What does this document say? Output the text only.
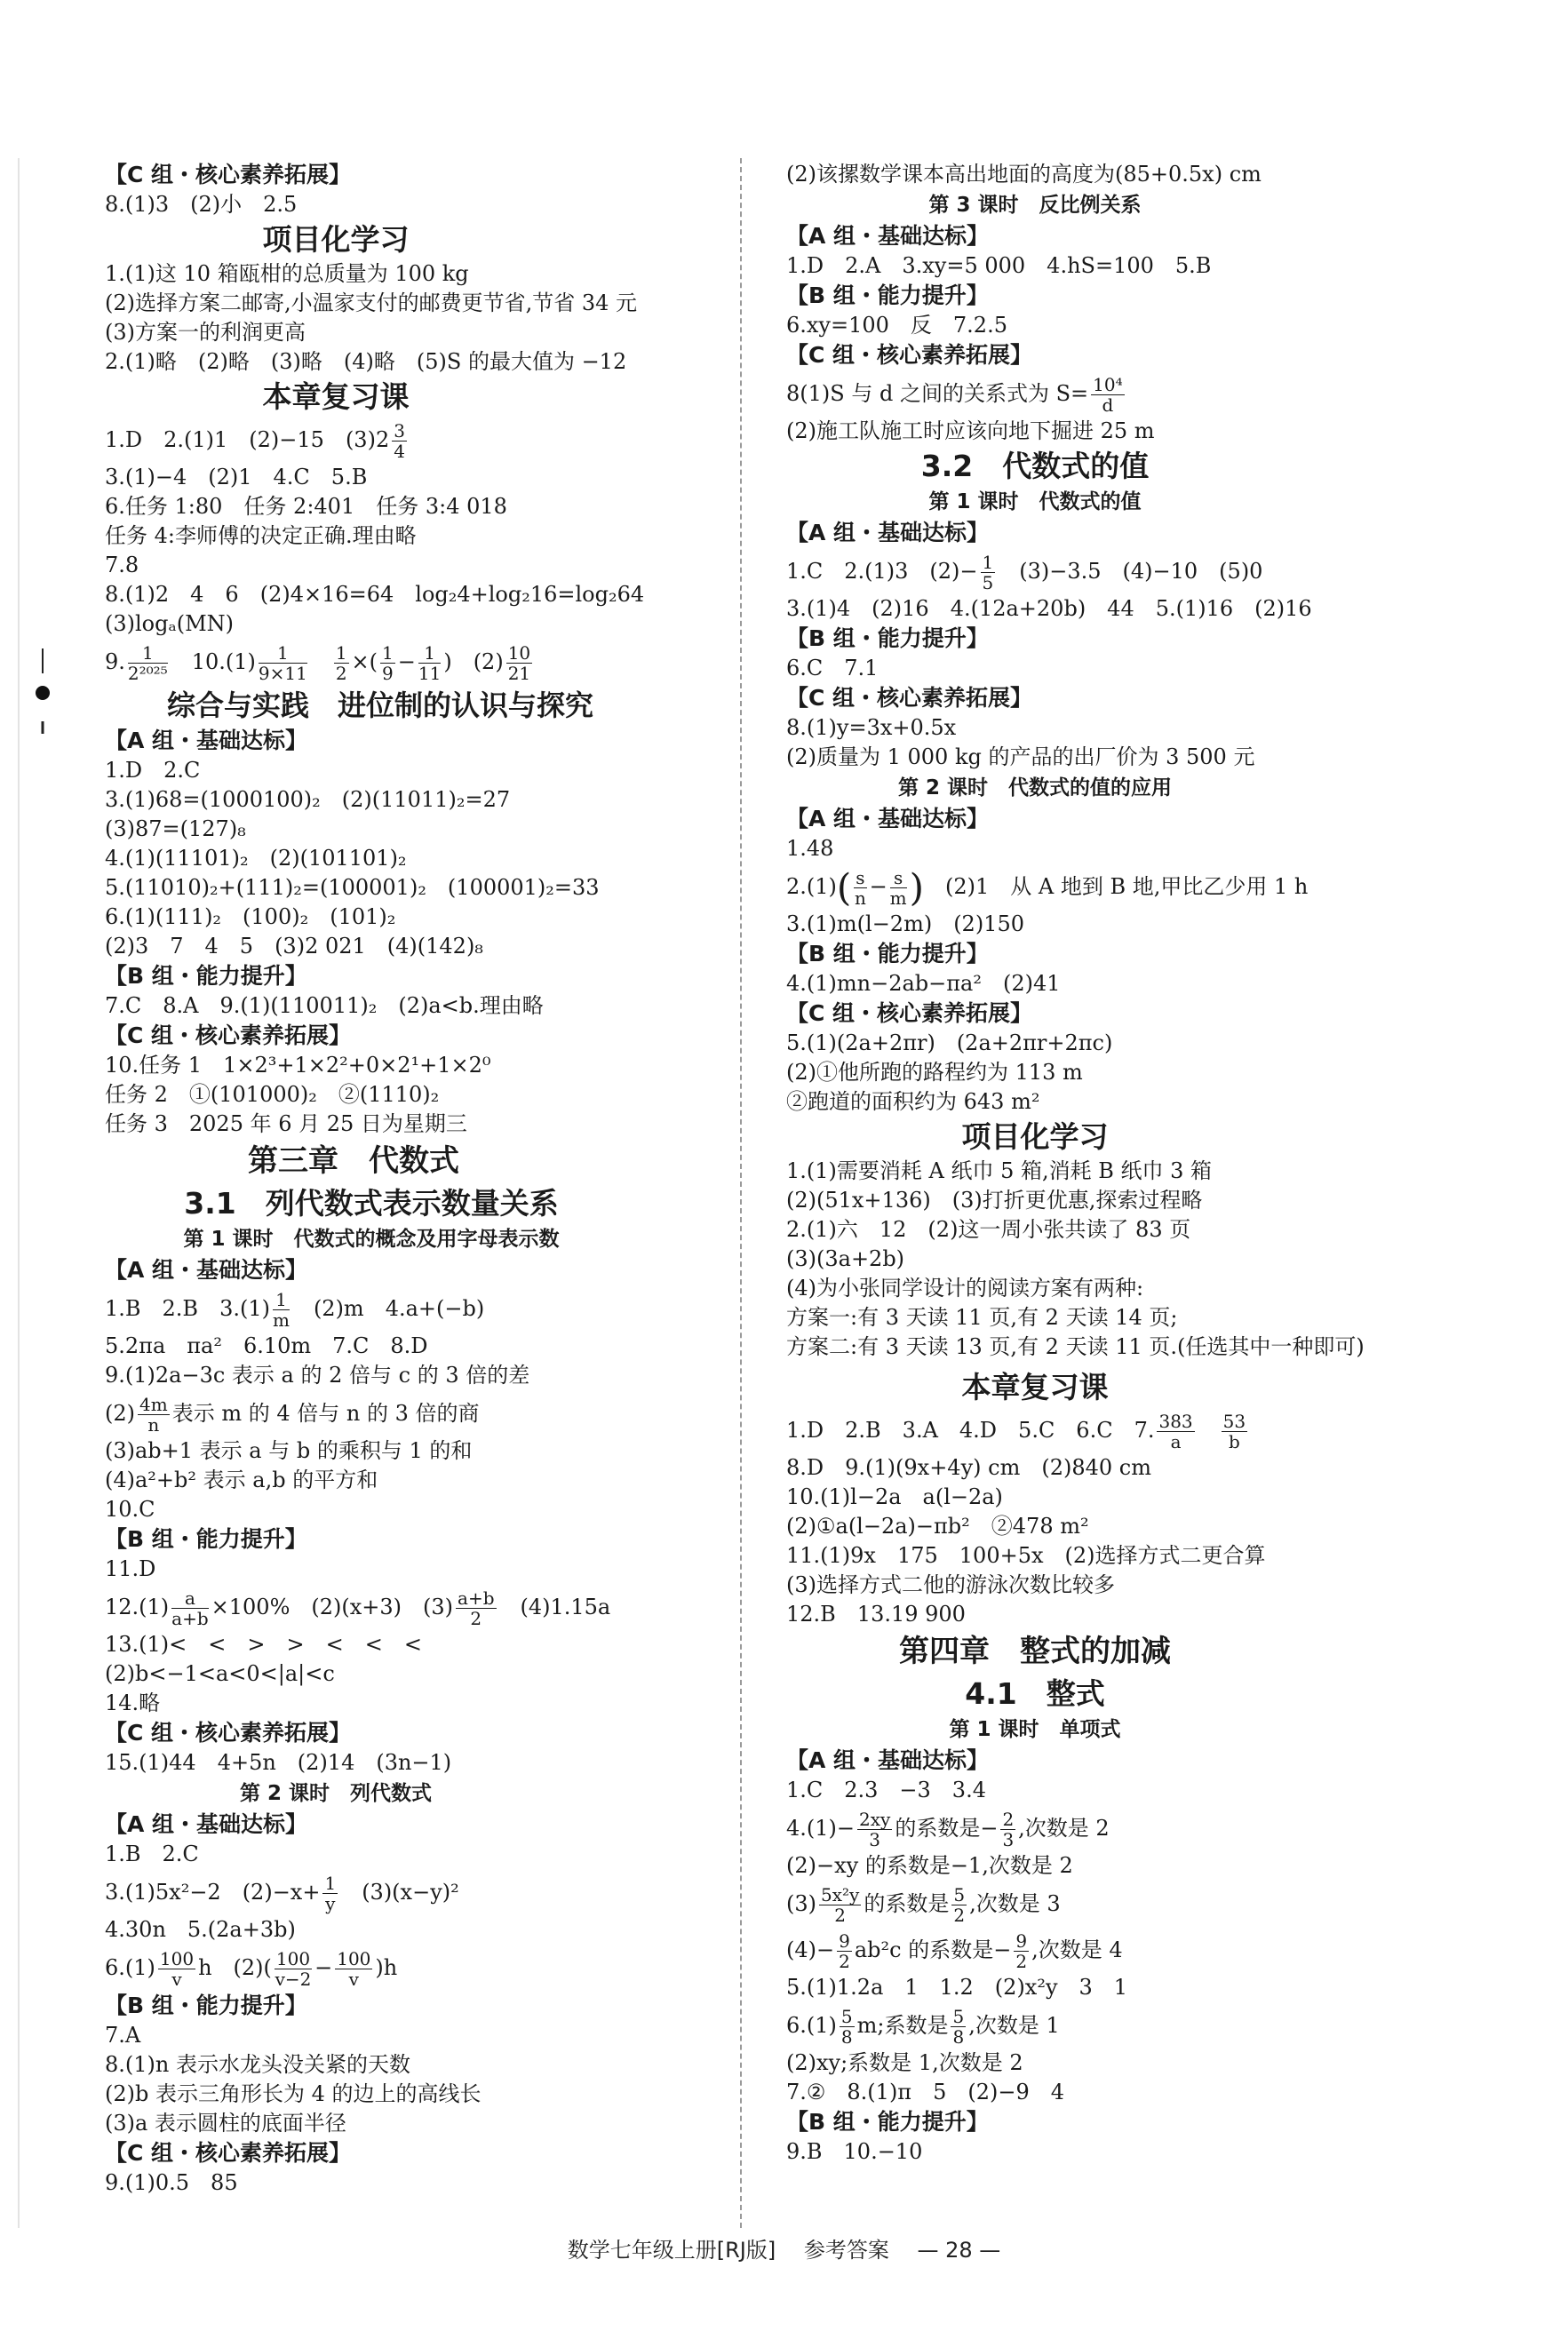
【C 组・核心素养拓展】
8.(1)3　(2)小　2.5
项目化学习
1.(1)这 10 箱瓯柑的总质量为 100 kg
(2)选择方案二邮寄,小温家支付的邮费更节省,节省 34 元
(3)方案一的利润更高
2.(1)略　(2)略　(3)略　(4)略　(5)S 的最大值为 −12
本章复习课
1.D　2.(1)1　(2)−15　$(3)2 \frac{3}{4}$
3.(1)−4　(2)1　4.C　5.B
6.任务 1:80　任务 2:401　任务 3:4 018
任务 4:李师傅的决定正确.理由略
7.8
8.(1)2　4　6　(2)4×16=64　log₂4+log₂16=log₂64
(3)logₐ(MN)
9. $\frac{1}{\text{2²⁰²⁵}}$
　 $10.(1) \frac{1}{9\times 11}$
　 $\frac{1}{2}$ ×( $\frac{1}{9} - \frac{1}{11}$ )　$(2) \frac{10}{21}$
综合与实践　进位制的认识与探究
【A 组・基础达标】
1.D　2.C
3.(1)68=(1000100)₂　(2)(11011)₂=27
(3)87=(127)₈
4.(1)(11101)₂　(2)(101101)₂
5.(11010)₂+(111)₂=(100001)₂　(100001)₂=33
6.(1)(111)₂　(100)₂　(101)₂
(2)3　7　4　5　(3)2 021　(4)(142)₈
【B 组・能力提升】
7.C　8.A　9.(1)(110011)₂　(2)a<b.理由略
【C 组・核心素养拓展】
10.任务 1　1×2³+1×2²+0×2¹+1×2⁰
任务 2　①(101000)₂　②(1110)₂
任务 3　2025 年 6 月 25 日为星期三
第三章　代数式
3.1　列代数式表示数量关系
第 1 课时　代数式的概念及用字母表示数
【A 组・基础达标】
1.B　2.B　$3.(1) \frac{1}{m}$
　 (2)m　4.a+(−b)
5.2πa　πa²　6.10m　7.C　8.D
9.(1)2a−3c 表示 a 的 2 倍与 c 的 3 倍的差
$(2) \frac{4m}{n}$ 表示 m 的 4 倍与 n 的 3 倍的商
(3)ab+1 表示 a 与 b 的乘积与 1 的和
(4)a²+b² 表示 a,b 的平方和
10.C
【B 组・能力提升】
11.D
$12.(1) \frac{a}{a+b} \times 100\%$　(2)(x+3)　$(3) \frac{a+b}{2}$
　 (4)1.15a
13.(1)<　<　>　>　<　<　<
(2)b<−1<a<0<|a|<c
14.略
【C 组・核心素养拓展】
15.(1)44　4+5n　(2)14　(3n−1)
第 2 课时　列代数式
【A 组・基础达标】
1.B　2.C
3.(1)5x²−2　$(2)-x+ \frac{1}{y}$
　 (3)(x−y)²
4.30n　5.(2a+3b)
$6.(1) \frac{100}{v}$ h　$(2)( \frac{100}{v-2} - \frac{100}{v} )h$
【B 组・能力提升】
7.A
8.(1)n 表示水龙头没关紧的天数
(2)b 表示三角形长为 4 的边上的高线长
(3)a 表示圆柱的底面半径
【C 组・核心素养拓展】
9.(1)0.5　85
(2)该摞数学课本高出地面的高度为(85+0.5x) cm
第 3 课时　反比例关系
【A 组・基础达标】
1.D　2.A　3.xy=5 000　4.hS=100　5.B
【B 组・能力提升】
6.xy=100　反　7.2.5
【C 组・核心素养拓展】
8(1)S 与 d 之间的关系式为 $S= \frac{\text{10⁴}}{d}$
(2)施工队施工时应该向地下掘进 25 m
3.2　代数式的值
第 1 课时　代数式的值
【A 组・基础达标】
1.C　2.(1)3　$(2)- \frac{1}{5}$
　 (3)−3.5　(4)−10　(5)0
3.(1)4　(2)16　4.(12a+20b)　44　5.(1)16　(2)16
【B 组・能力提升】
6.C　7.1
【C 组・核心素养拓展】
8.(1)y=3x+0.5x
(2)质量为 1 000 kg 的产品的出厂价为 3 500 元
第 2 课时　代数式的值的应用
【A 组・基础达标】
1.48
$2.(1)( \frac{s}{n} - \frac{s}{m}$ )　 (2)1　从 A 地到 B 地,甲比乙少用 1 h
3.(1)m(l−2m)　(2)150
【B 组・能力提升】
4.(1)mn−2ab−πa²　(2)41
【C 组・核心素养拓展】
5.(1)(2a+2πr)　(2a+2πr+2πc)
(2)①他所跑的路程约为 113 m
②跑道的面积约为 643 m²
项目化学习
1.(1)需要消耗 A 纸巾 5 箱,消耗 B 纸巾 3 箱
(2)(51x+136)　(3)打折更优惠,探索过程略
2.(1)六　12　(2)这一周小张共读了 83 页
(3)(3a+2b)
(4)为小张同学设计的阅读方案有两种:
方案一:有 3 天读 11 页,有 2 天读 14 页;
方案二:有 3 天读 13 页,有 2 天读 11 页.(任选其中一种即可)
本章复习课
1.D　2.B　3.A　4.D　5.C　6.C　7. $\frac{383}{a}$
　 $\frac{53}{b}$
8.D　9.(1)(9x+4y) cm　(2)840 cm
10.(1)l−2a　a(l−2a)
(2)①a(l−2a)−πb²　②478 m²
11.(1)9x　175　100+5x　(2)选择方式二更合算
(3)选择方式二他的游泳次数比较多
12.B　13.19 900
第四章　整式的加减
4.1　整式
第 1 课时　单项式
【A 组・基础达标】
1.C　2.3　−3　3.4
$4.(1)- \frac{2xy}{3}$ 的系数是− $\frac{2}{3}$ ,次数是 2
(2)−xy 的系数是−1,次数是 2
$(3) \frac{\text{5x²y}}{2}$ 的系数是 $\frac{5}{2}$ ,次数是 3
$(4)- \frac{9}{2} ab^2c$ 的系数是− $\frac{9}{2}$ ,次数是 4
5.(1)1.2a　1　1.2　(2)x²y　3　1
$6.(1) \frac{5}{8} m$;系数是 $\frac{5}{8}$ ,次数是 1
(2)xy;系数是 1,次数是 2
7.②　8.(1)π　5　(2)−9　4
【B 组・能力提升】
9.B　10.−10
数学七年级上册[RJ版] 参考答案 — 28 —
